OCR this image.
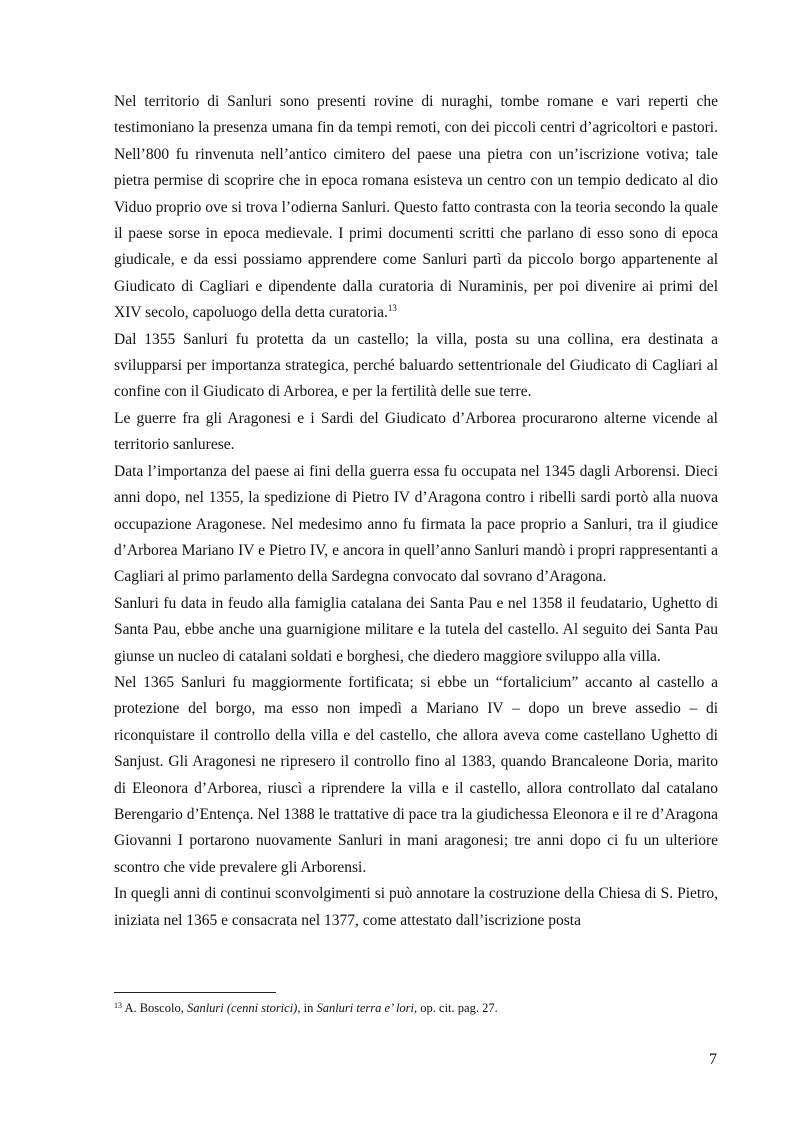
Nel territorio di Sanluri sono presenti rovine di nuraghi, tombe romane e vari reperti che testimoniano la presenza umana fin da tempi remoti, con dei piccoli centri d’agricoltori e pastori. Nell’800 fu rinvenuta nell’antico cimitero del paese una pietra con un’iscrizione votiva; tale pietra permise di scoprire che in epoca romana esisteva un centro con un tempio dedicato al dio Viduo proprio ove si trova l’odierna Sanluri. Questo fatto contrasta con la teoria secondo la quale il paese sorse in epoca medievale. I primi documenti scritti che parlano di esso sono di epoca giudicale, e da essi possiamo apprendere come Sanluri partì da piccolo borgo appartenente al Giudicato di Cagliari e dipendente dalla curatoria di Nuraminis, per poi divenire ai primi del XIV secolo, capoluogo della detta curatoria.$^{13}$

Dal 1355 Sanluri fu protetta da un castello; la villa, posta su una collina, era destinata a svilupparsi per importanza strategica, perché baluardo settentrionale del Giudicato di Cagliari al confine con il Giudicato di Arborea, e per la fertilità delle sue terre.

Le guerre fra gli Aragonesi e i Sardi del Giudicato d’Arborea procurarono alterne vicende al territorio sanlurese.

Data l’importanza del paese ai fini della guerra essa fu occupata nel 1345 dagli Arborensi. Dieci anni dopo, nel 1355, la spedizione di Pietro IV d’Aragona contro i ribelli sardi portò alla nuova occupazione Aragonese. Nel medesimo anno fu firmata la pace proprio a Sanluri, tra il giudice d’Arborea Mariano IV e Pietro IV, e ancora in quell’anno Sanluri mandò i propri rappresentanti a Cagliari al primo parlamento della Sardegna convocato dal sovrano d’Aragona.

Sanluri fu data in feudo alla famiglia catalana dei Santa Pau e nel 1358 il feudatario, Ughetto di Santa Pau, ebbe anche una guarnigione militare e la tutela del castello. Al seguito dei Santa Pau giunse un nucleo di catalani soldati e borghesi, che diedero maggiore sviluppo alla villa.

Nel 1365 Sanluri fu maggiormente fortificata; si ebbe un “fortalicium” accanto al castello a protezione del borgo, ma esso non impedì a Mariano IV – dopo un breve assedio – di riconquistare il controllo della villa e del castello, che allora aveva come castellano Ughetto di Sanjust. Gli Aragonesi ne ripresero il controllo fino al 1383, quando Brancaleone Doria, marito di Eleonora d’Arborea, riuscì a riprendere la villa e il castello, allora controllato dal catalano Berengario d’Entença. Nel 1388 le trattative di pace tra la giudichessa Eleonora e il re d’Aragona Giovanni I portarono nuovamente Sanluri in mani aragonesi; tre anni dopo ci fu un ulteriore scontro che vide prevalere gli Arborensi.

In quegli anni di continui sconvolgimenti si può annotare la costruzione della Chiesa di S. Pietro, iniziata nel 1365 e consacrata nel 1377, come attestato dall’iscrizione posta

$^{13}$ A. Boscolo, Sanluri (cenni storici), in Sanluri terra e’ lori, op. cit. pag. 27.

7
